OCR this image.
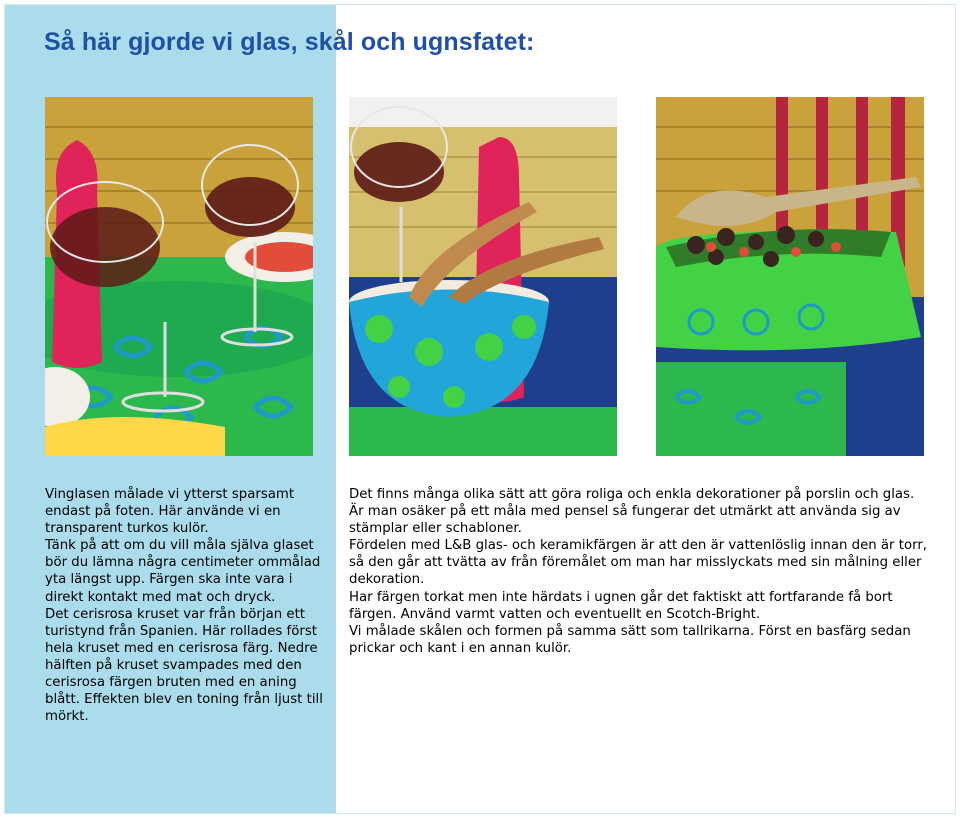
Så här gjorde vi glas, skål och ugnsfatet:

Vinglasen målade vi ytterst sparsamt endast på foten. Här använde vi en transparent turkos kulör.

Tänk på att om du vill måla själva glaset bör du lämna några centimeter ommålad yta längst upp. Färgen ska inte vara i direkt kontakt med mat och dryck.

Det cerisrosa kruset var från början ett turistynd från Spanien. Här rollades först hela kruset med en cerisrosa färg. Nedre hälften på kruset svampades med den cerisrosa färgen bruten med en aning blått. Effekten blev en toning från ljust till mörkt.

Det finns många olika sätt att göra roliga och enkla dekorationer på porslin och glas. Är man osäker på ett måla med pensel så fungerar det utmärkt att använda sig av stämplar eller schabloner.

Fördelen med L&B glas- och keramikfärgen är att den är vattenlöslig innan den är torr, så den går att tvätta av från föremålet om man har misslyckats med sin målning eller dekoration.

Har färgen torkat men inte härdats i ugnen går det faktiskt att fortfarande få bort färgen. Använd varmt vatten och eventuellt en Scotch-Bright.

Vi målade skålen och formen på samma sätt som tallrikarna. Först en basfärg sedan prickar och kant i en annan kulör.
